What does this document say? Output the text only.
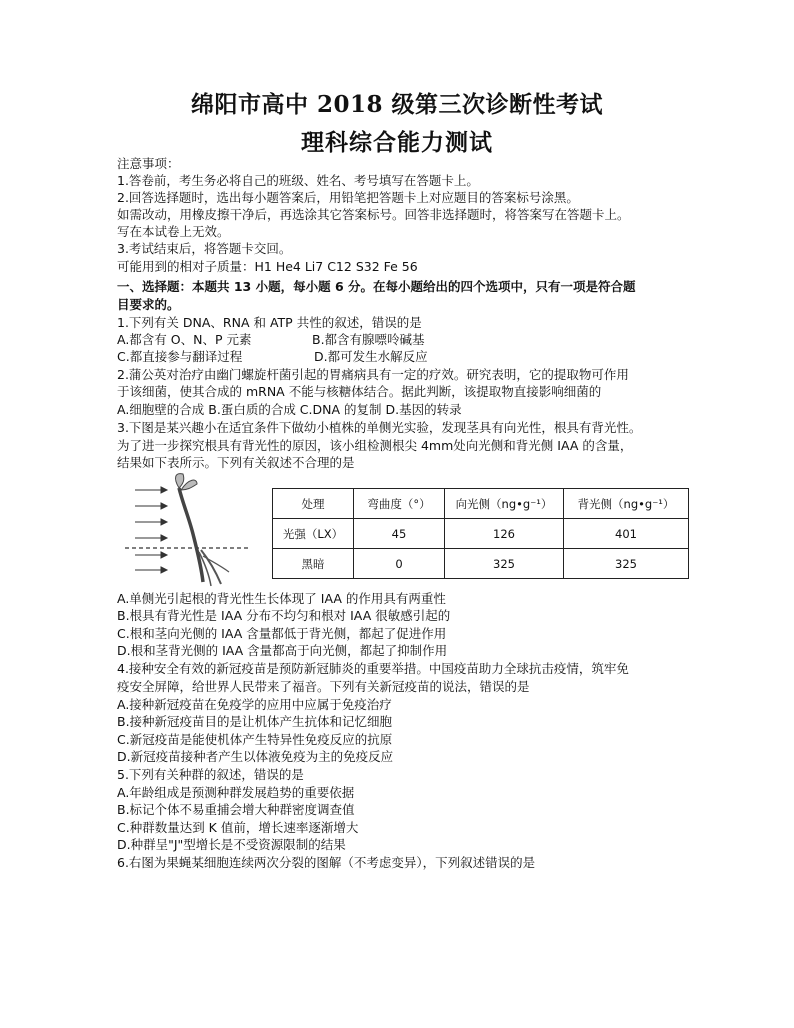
绵阳市高中 2018 级第三次诊断性考试
理科综合能力测试
注意事项：
1.答卷前，考生务必将自己的班级、姓名、考号填写在答题卡上。
2.回答选择题时，选出每小题答案后，用铅笔把答题卡上对应题目的答案标号涂黑。
如需改动，用橡皮擦干净后，再选涂其它答案标号。回答非选择题时，将答案写在答题卡上。
写在本试卷上无效。
3.考试结束后，将答题卡交回。
可能用到的相对子质量：H1 He4 Li7 C12 S32 Fe 56
一、选择题：本题共 13 小题，每小题 6 分。在每小题给出的四个选项中，只有一项是符合题
目要求的。
1.下列有关 DNA、RNA 和 ATP 共性的叙述，错误的是
A.都含有 O、N、P 元素	B.都含有腺嘌呤碱基
C.都直接参与翻译过程	D.都可发生水解反应
2.蒲公英对治疗由幽门螺旋杆菌引起的胃痛病具有一定的疗效。研究表明，它的提取物可作用
于该细菌，使其合成的 mRNA 不能与核糖体结合。据此判断，该提取物直接影响细菌的
A.细胞壁的合成 B.蛋白质的合成 C.DNA 的复制 D.基因的转录
3.下图是某兴趣小在适宜条件下做幼小植株的单侧光实验，发现茎具有向光性，根具有背光性。
为了进一步探究根具有背光性的原因，该小组检测根尖 4mm处向光侧和背光侧 IAA 的含量，
结果如下表所示。下列有关叙述不合理的是
处理	弯曲度（°）	向光侧（ng•g⁻¹）	背光侧（ng•g⁻¹）
光强（LX）	45	126	401
黑暗	0	325	325
A.单侧光引起根的背光性生长体现了 IAA 的作用具有两重性
B.根具有背光性是 IAA 分布不均匀和根对 IAA 很敏感引起的
C.根和茎向光侧的 IAA 含量都低于背光侧，都起了促进作用
D.根和茎背光侧的 IAA 含量都高于向光侧，都起了抑制作用
4.接种安全有效的新冠疫苗是预防新冠肺炎的重要举措。中国疫苗助力全球抗击疫情，筑牢免
疫安全屏障，给世界人民带来了福音。下列有关新冠疫苗的说法，错误的是
A.接种新冠疫苗在免疫学的应用中应属于免疫治疗
B.接种新冠疫苗目的是让机体产生抗体和记忆细胞
C.新冠疫苗是能使机体产生特异性免疫反应的抗原
D.新冠疫苗接种者产生以体液免疫为主的免疫反应
5.下列有关种群的叙述，错误的是
A.年龄组成是预测种群发展趋势的重要依据
B.标记个体不易重捕会增大种群密度调查值
C.种群数量达到 K 值前，增长速率逐渐增大
D.种群呈"J"型增长是不受资源限制的结果
6.右图为果蝇某细胞连续两次分裂的图解（不考虑变异），下列叙述错误的是
